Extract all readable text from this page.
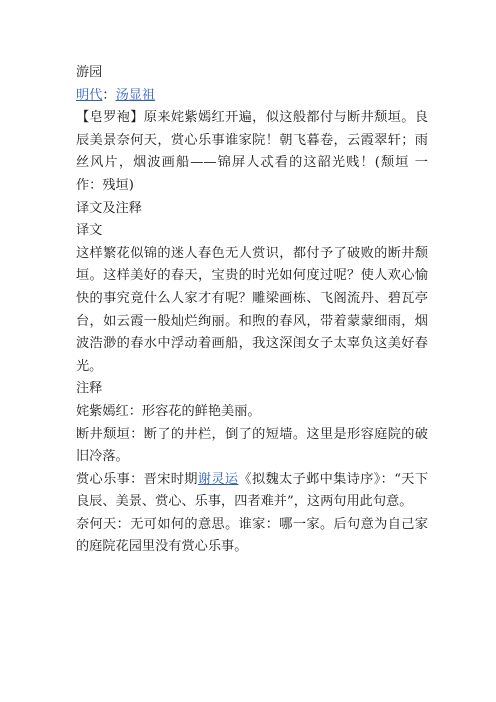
游园

明代：汤显祖

【皂罗袍】原来姹紫嫣红开遍，似这般都付与断井颓垣。良辰美景奈何天，赏心乐事谁家院！朝飞暮卷，云霞翠轩；雨丝风片，烟波画船——锦屏人忒看的这韶光贱！(颓垣 一作：残垣)

译文及注释

译文

这样繁花似锦的迷人春色无人赏识，都付予了破败的断井颓垣。这样美好的春天，宝贵的时光如何度过呢？使人欢心愉快的事究竟什么人家才有呢？雕梁画栋、飞阁流丹、碧瓦亭台，如云霞一般灿烂绚丽。和煦的春风，带着蒙蒙细雨，烟波浩渺的春水中浮动着画船，我这深闺女子太辜负这美好春光。

注释

姹紫嫣红：形容花的鲜艳美丽。

断井颓垣：断了的井栏，倒了的短墙。这里是形容庭院的破旧冷落。

赏心乐事：晋宋时期谢灵运《拟魏太子邺中集诗序》：“天下良辰、美景、赏心、乐事，四者难并”，这两句用此句意。

奈何天：无可如何的意思。谁家：哪一家。后句意为自己家的庭院花园里没有赏心乐事。
